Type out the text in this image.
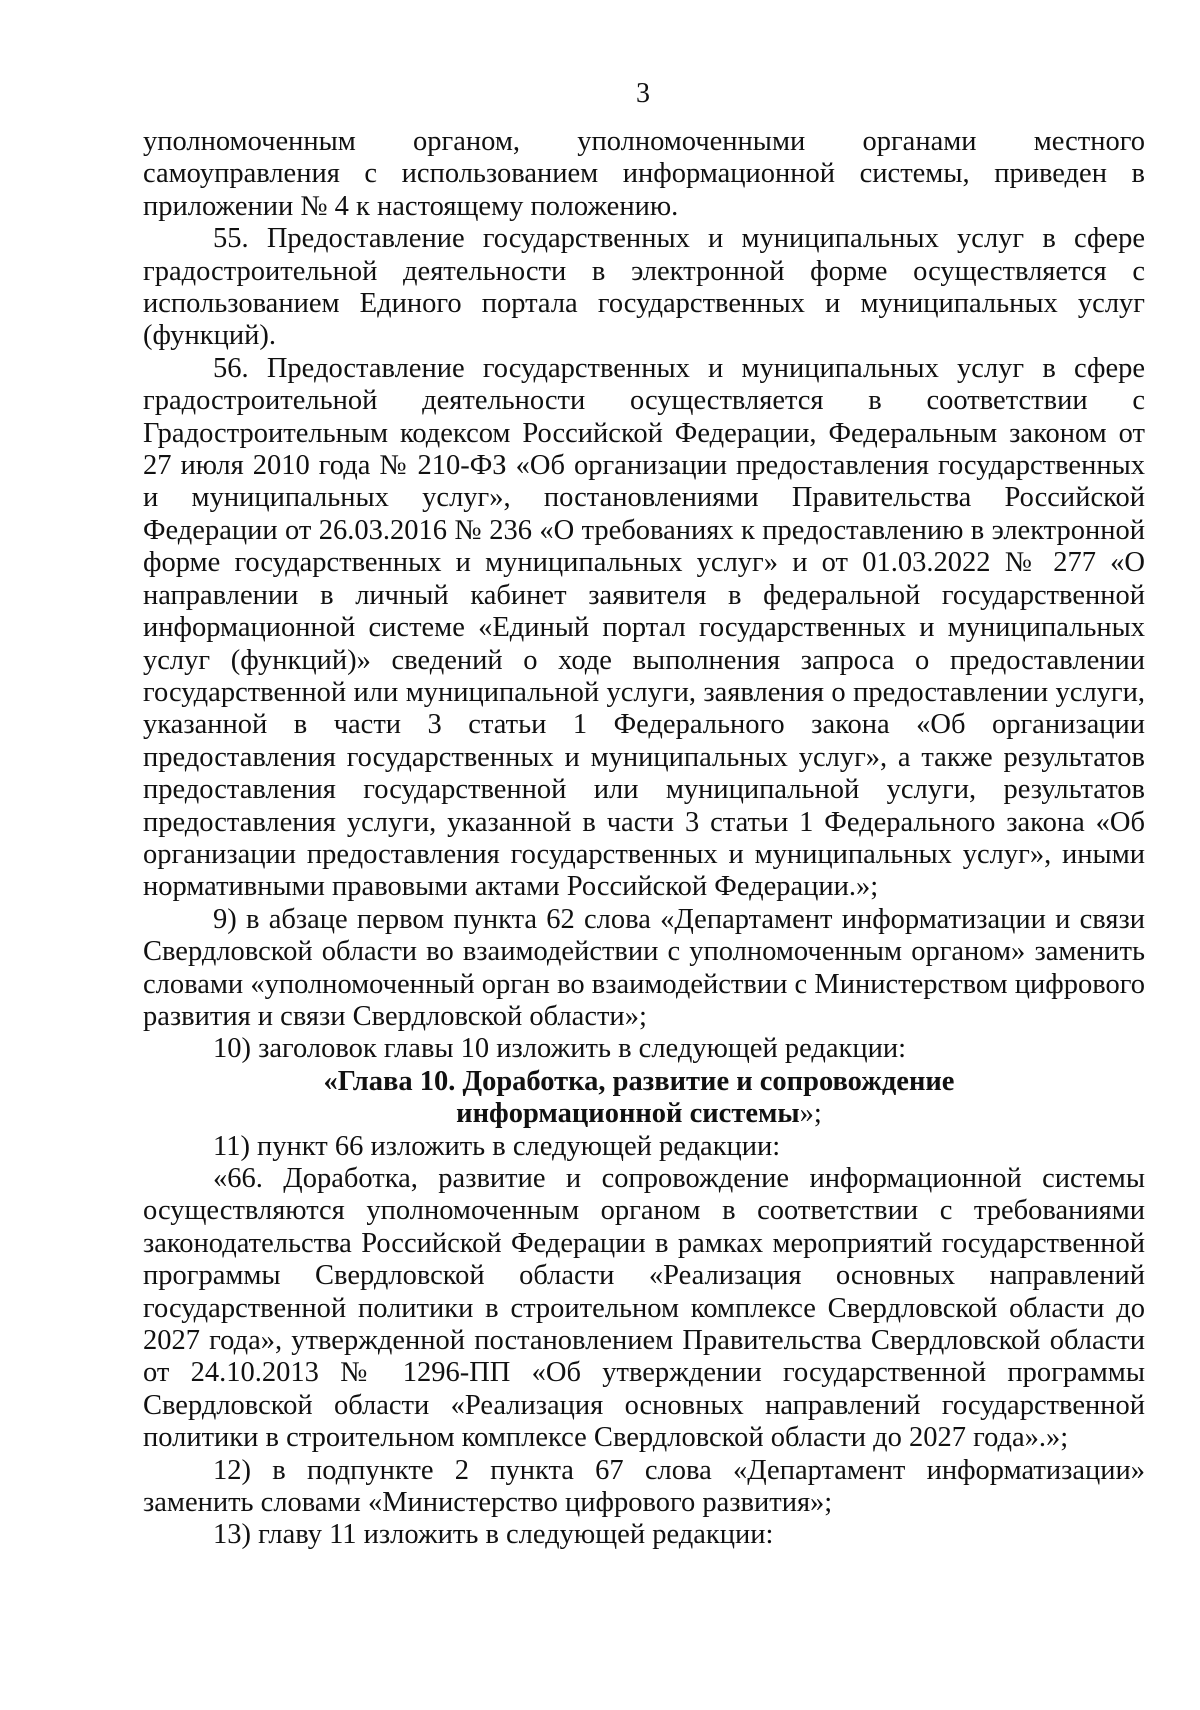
3

уполномоченным органом, уполномоченными органами местного самоуправления с использованием информационной системы, приведен в приложении № 4 к настоящему положению.

55. Предоставление государственных и муниципальных услуг в сфере градостроительной деятельности в электронной форме осуществляется с использованием Единого портала государственных и муниципальных услуг (функций).

56. Предоставление государственных и муниципальных услуг в сфере градостроительной деятельности осуществляется в соответствии с Градостроительным кодексом Российской Федерации, Федеральным законом от 27 июля 2010 года № 210-ФЗ «Об организации предоставления государственных и муниципальных услуг», постановлениями Правительства Российской Федерации от 26.03.2016 № 236 «О требованиях к предоставлению в электронной форме государственных и муниципальных услуг» и от 01.03.2022 № 277 «О направлении в личный кабинет заявителя в федеральной государственной информационной системе «Единый портал государственных и муниципальных услуг (функций)» сведений о ходе выполнения запроса о предоставлении государственной или муниципальной услуги, заявления о предоставлении услуги, указанной в части 3 статьи 1 Федерального закона «Об организации предоставления государственных и муниципальных услуг», а также результатов предоставления государственной или муниципальной услуги, результатов предоставления услуги, указанной в части 3 статьи 1 Федерального закона «Об организации предоставления государственных и муниципальных услуг», иными нормативными правовыми актами Российской Федерации.»;

9) в абзаце первом пункта 62 слова «Департамент информатизации и связи Свердловской области во взаимодействии с уполномоченным органом» заменить словами «уполномоченный орган во взаимодействии с Министерством цифрового развития и связи Свердловской области»;

10) заголовок главы 10 изложить в следующей редакции:

«Глава 10. Доработка, развитие и сопровождение
информационной системы»;

11) пункт 66 изложить в следующей редакции:

«66. Доработка, развитие и сопровождение информационной системы осуществляются уполномоченным органом в соответствии с требованиями законодательства Российской Федерации в рамках мероприятий государственной программы Свердловской области «Реализация основных направлений государственной политики в строительном комплексе Свердловской области до 2027 года», утвержденной постановлением Правительства Свердловской области от 24.10.2013 № 1296-ПП «Об утверждении государственной программы Свердловской области «Реализация основных направлений государственной политики в строительном комплексе Свердловской области до 2027 года».»;

12) в подпункте 2 пункта 67 слова «Департамент информатизации» заменить словами «Министерство цифрового развития»;

13) главу 11 изложить в следующей редакции:
